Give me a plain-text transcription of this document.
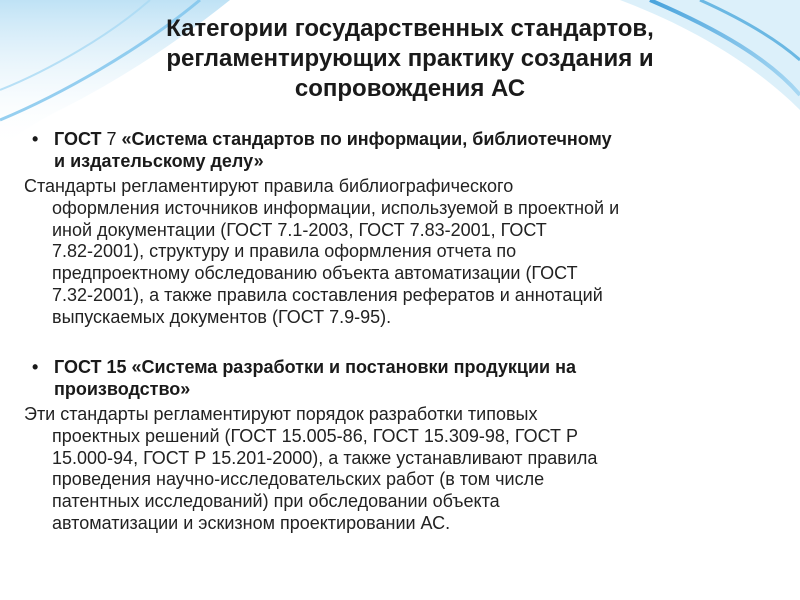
Категории государственных стандартов,
регламентирующих практику создания и
сопровождения АС
• ГОСТ 7 «Система стандартов по информации, библиотечному
и издательскому делу»
Стандарты регламентируют правила библиографического
оформления источников информации, используемой в проектной и
иной документации (ГОСТ 7.1-2003, ГОСТ 7.83-2001, ГОСТ
7.82-2001), структуру и правила оформления отчета по
предпроектному обследованию объекта автоматизации (ГОСТ
7.32-2001), а также правила составления рефератов и аннотаций
выпускаемых документов (ГОСТ 7.9-95).
• ГОСТ 15 «Система разработки и постановки продукции на
производство»
Эти стандарты регламентируют порядок разработки типовых
проектных решений (ГОСТ 15.005-86, ГОСТ 15.309-98, ГОСТ Р
15.000-94, ГОСТ Р 15.201-2000), а также устанавливают правила
проведения научно-исследовательских работ (в том числе
патентных исследований) при обследовании объекта
автоматизации и эскизном проектировании АС.
